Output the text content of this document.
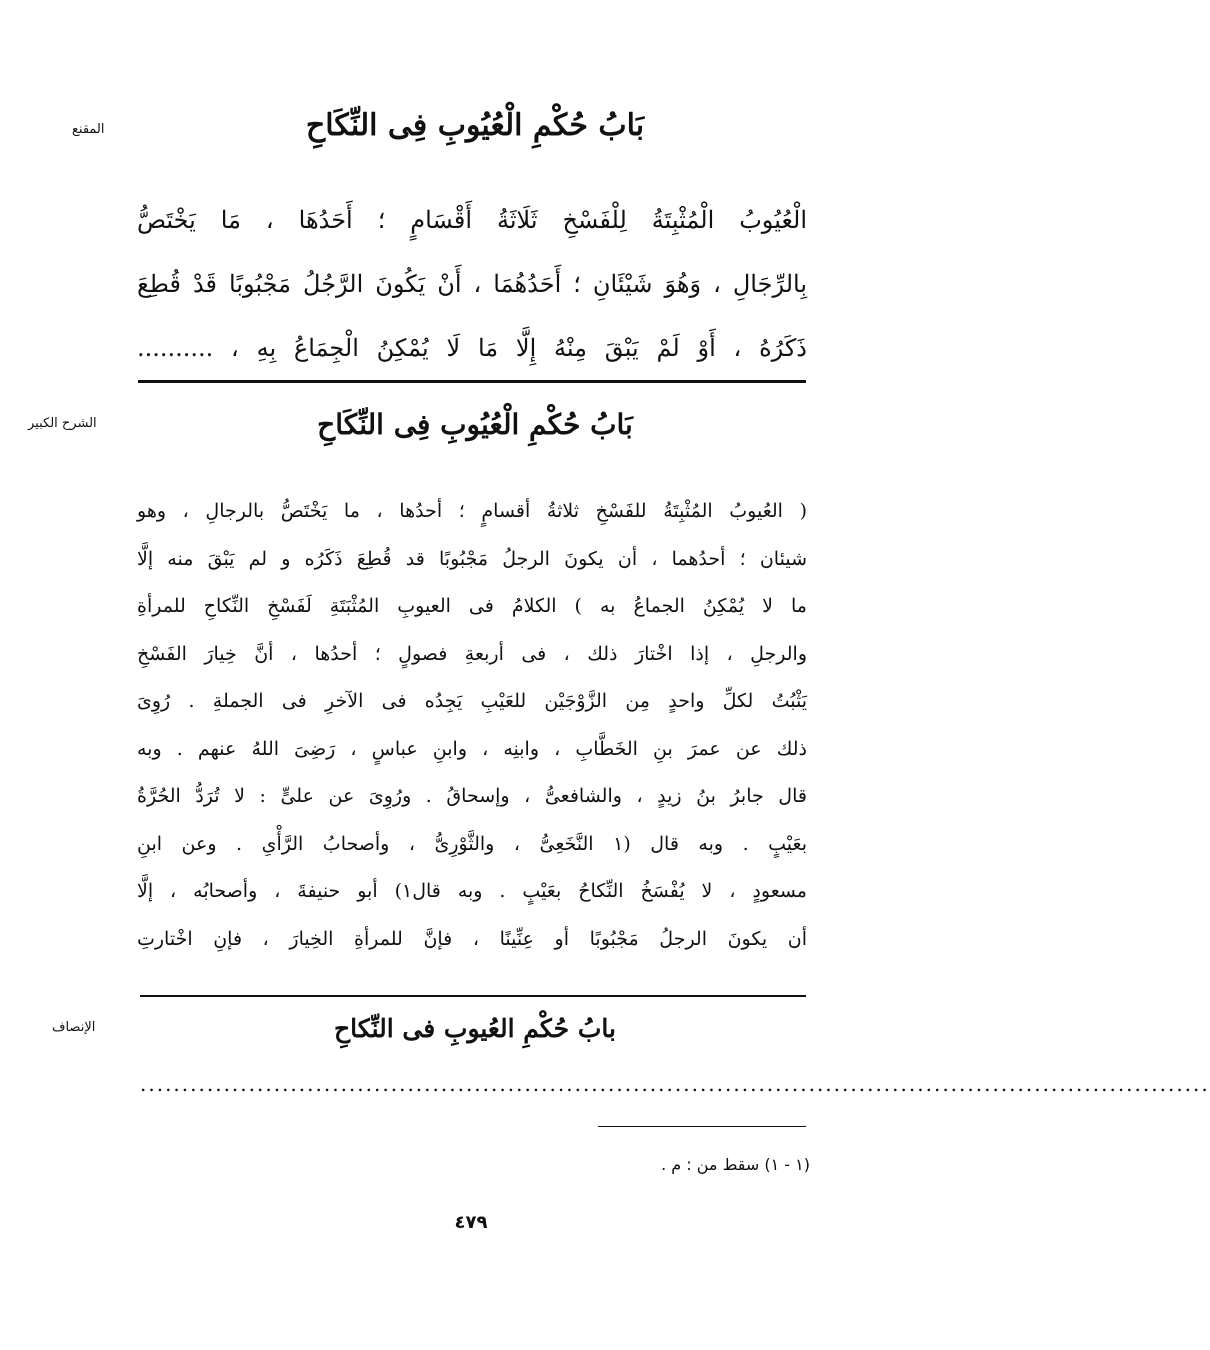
المقنع	بَابُ حُكْمِ الْعُيُوبِ فِى النِّكَاحِ
الْعُيُوبُ الْمُثْبِتَةُ لِلْفَسْخِ ثَلَاثَةُ أَقْسَامٍ ؛ أَحَدُهَا ، مَا يَخْتَصُّ
بِالرِّجَالِ ، وَهُوَ شَيْئَانِ ؛ أَحَدُهُمَا ، أَنْ يَكُونَ الرَّجُلُ مَجْبُوبًا قَدْ قُطِعَ
ذَكَرُهُ ، أَوْ لَمْ يَبْقَ مِنْهُ إِلَّا مَا لَا يُمْكِنُ الْجِمَاعُ بِهِ ، ..........
الشرح الكبير	بَابُ حُكْمِ الْعُيُوبِ فِى النِّكَاحِ
( العُيوبُ المُثْبِتَةُ للفَسْخِ ثلاثةُ أقسامٍ ؛ أحدُها ، ما يَخْتَصُّ بالرجالِ ، وهو
شيئان ؛ أحدُهما ، أن يكونَ الرجلُ مَجْبُوبًا قد قُطِعَ ذَكَرُه و لم يَبْقَ منه إلَّا
ما لا يُمْكِنُ الجماعُ به ) الكلامُ فى العيوبِ المُثْبَتَةِ لَفَسْخِ النِّكاحِ للمرأةِ
والرجلِ ، إذا اخْتارَ ذلك ، فى أربعةِ فصولٍ ؛ أحدُها ، أنَّ خِيارَ الفَسْخِ
يَثْبُتُ لكلِّ واحدٍ مِن الزَّوْجَيْن للعَيْبِ يَجِدُه فى الآخرِ فى الجملةِ . رُوِىَ
ذلك عن عمرَ بنِ الخَطَّابِ ، وابنِه ، وابنِ عباسٍ ، رَضِىَ اللهُ عنهم . وبه
قال جابرُ بنُ زيدٍ ، والشافعىُّ ، وإسحاقُ . ورُوِىَ عن علىٍّ : لا تُرَدُّ الحُرَّةُ
بعَيْبٍ . وبه قال (١ النَّخَعِىُّ ، والثَّوْرِىُّ ، وأصحابُ الرَّأْىِ . وعن ابنِ
مسعودٍ ، لا يُفْسَخُ النِّكاحُ بعَيْبٍ . وبه قال١) أبو حنيفةَ ، وأصحابُه ، إلَّا
أن يكونَ الرجلُ مَجْبُوبًا أو عِنِّينًا ، فإنَّ للمرأةِ الخِيارَ ، فإنِ اخْتارتِ
الإنصاف	بابُ حُكْمِ العُيوبِ فى النِّكاحِ
................................................................................................................................
(١ - ١) سقط من : م .
٤٧٩
